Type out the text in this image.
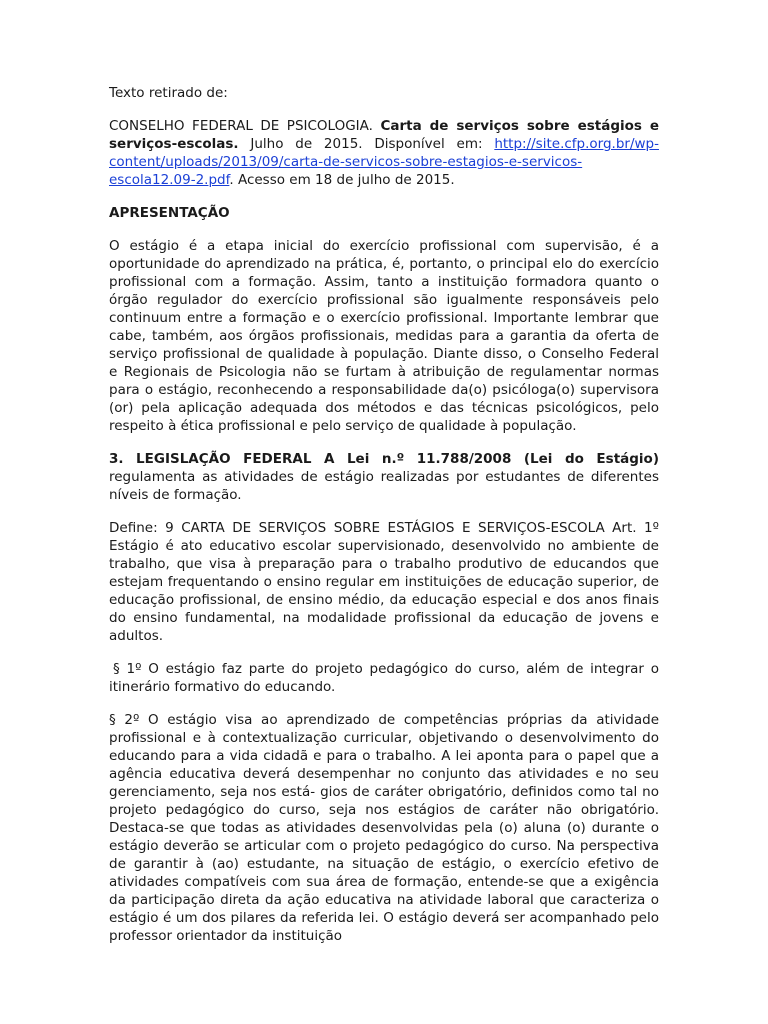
Texto retirado de:

CONSELHO FEDERAL DE PSICOLOGIA. Carta de serviços sobre estágios e serviços-escolas. Julho de 2015. Disponível em: http://site.cfp.org.br/wp-content/uploads/2013/09/carta-de-servicos-sobre-estagios-e-servicos-escola12.09-2.pdf. Acesso em 18 de julho de 2015.

APRESENTAÇÃO

O estágio é a etapa inicial do exercício profissional com supervisão, é a oportunidade do aprendizado na prática, é, portanto, o principal elo do exercício profissional com a formação. Assim, tanto a instituição formadora quanto o órgão regulador do exercício profissional são igualmente responsáveis pelo continuum entre a formação e o exercício profissional. Importante lembrar que cabe, também, aos órgãos profissionais, medidas para a garantia da oferta de serviço profissional de qualidade à população. Diante disso, o Conselho Federal e Regionais de Psicologia não se furtam à atribuição de regulamentar normas para o estágio, reconhecendo a responsabilidade da(o) psicóloga(o) supervisora (or) pela aplicação adequada dos métodos e das técnicas psicológicos, pelo respeito à ética profissional e pelo serviço de qualidade à população.

3. LEGISLAÇÃO FEDERAL A Lei n.º 11.788/2008 (Lei do Estágio) regulamenta as atividades de estágio realizadas por estudantes de diferentes níveis de formação.

Define: 9 CARTA DE SERVIÇOS SOBRE ESTÁGIOS E SERVIÇOS-ESCOLA Art. 1º Estágio é ato educativo escolar supervisionado, desenvolvido no ambiente de trabalho, que visa à preparação para o trabalho produtivo de educandos que estejam frequentando o ensino regular em instituições de educação superior, de educação profissional, de ensino médio, da educação especial e dos anos finais do ensino fundamental, na modalidade profissional da educação de jovens e adultos.

§ 1º O estágio faz parte do projeto pedagógico do curso, além de integrar o itinerário formativo do educando.

§ 2º O estágio visa ao aprendizado de competências próprias da atividade profissional e à contextualização curricular, objetivando o desenvolvimento do educando para a vida cidadã e para o trabalho. A lei aponta para o papel que a agência educativa deverá desempenhar no conjunto das atividades e no seu gerenciamento, seja nos está- gios de caráter obrigatório, definidos como tal no projeto pedagógico do curso, seja nos estágios de caráter não obrigatório. Destaca-se que todas as atividades desenvolvidas pela (o) aluna (o) durante o estágio deverão se articular com o projeto pedagógico do curso. Na perspectiva de garantir à (ao) estudante, na situação de estágio, o exercício efetivo de atividades compatíveis com sua área de formação, entende-se que a exigência da participação direta da ação educativa na atividade laboral que caracteriza o estágio é um dos pilares da referida lei. O estágio deverá ser acompanhado pelo professor orientador da instituição
